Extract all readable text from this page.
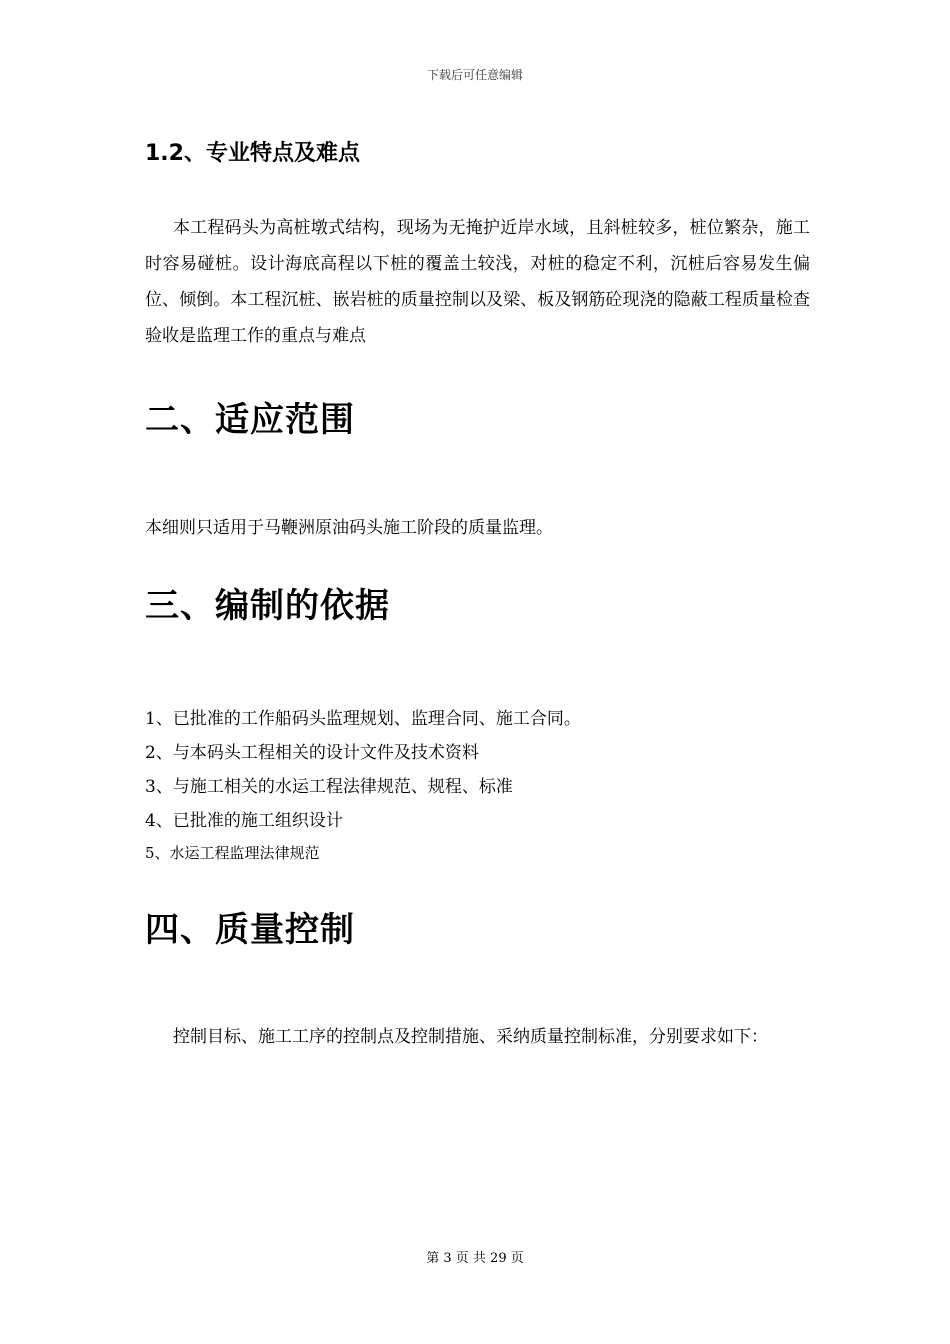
下载后可任意编辑
1.2、专业特点及难点
本工程码头为高桩墩式结构，现场为无掩护近岸水域，且斜桩较多，桩位繁杂，施工时容易碰桩。设计海底高程以下桩的覆盖土较浅，对桩的稳定不利，沉桩后容易发生偏位、倾倒。本工程沉桩、嵌岩桩的质量控制以及梁、板及钢筋砼现浇的隐蔽工程质量检查验收是监理工作的重点与难点
二、适应范围
本细则只适用于马鞭洲原油码头施工阶段的质量监理。
三、编制的依据
1、已批准的工作船码头监理规划、监理合同、施工合同。
2、与本码头工程相关的设计文件及技术资料
3、与施工相关的水运工程法律规范、规程、标准
4、已批准的施工组织设计
5、水运工程监理法律规范
四、质量控制
控制目标、施工工序的控制点及控制措施、采纳质量控制标准，分别要求如下：
第 3 页 共 29 页
